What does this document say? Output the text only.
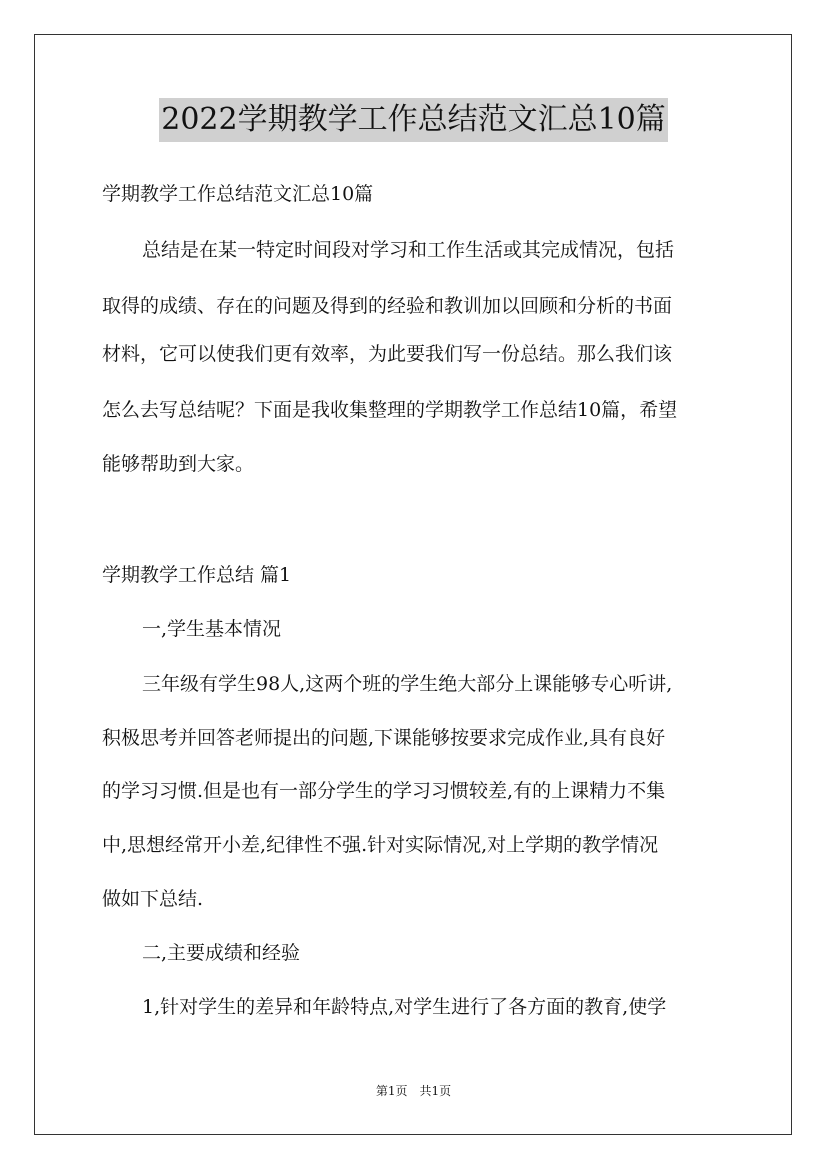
2022学期教学工作总结范文汇总10篇

学期教学工作总结范文汇总10篇

总结是在某一特定时间段对学习和工作生活或其完成情况，包括

取得的成绩、存在的问题及得到的经验和教训加以回顾和分析的书面

材料，它可以使我们更有效率，为此要我们写一份总结。那么我们该

怎么去写总结呢？下面是我收集整理的学期教学工作总结10篇，希望

能够帮助到大家。

学期教学工作总结 篇1

一,学生基本情况

三年级有学生98人,这两个班的学生绝大部分上课能够专心听讲,

积极思考并回答老师提出的问题,下课能够按要求完成作业,具有良好

的学习习惯.但是也有一部分学生的学习习惯较差,有的上课精力不集

中,思想经常开小差,纪律性不强.针对实际情况,对上学期的教学情况

做如下总结.

二,主要成绩和经验

1,针对学生的差异和年龄特点,对学生进行了各方面的教育,使学

第1页　共1页
